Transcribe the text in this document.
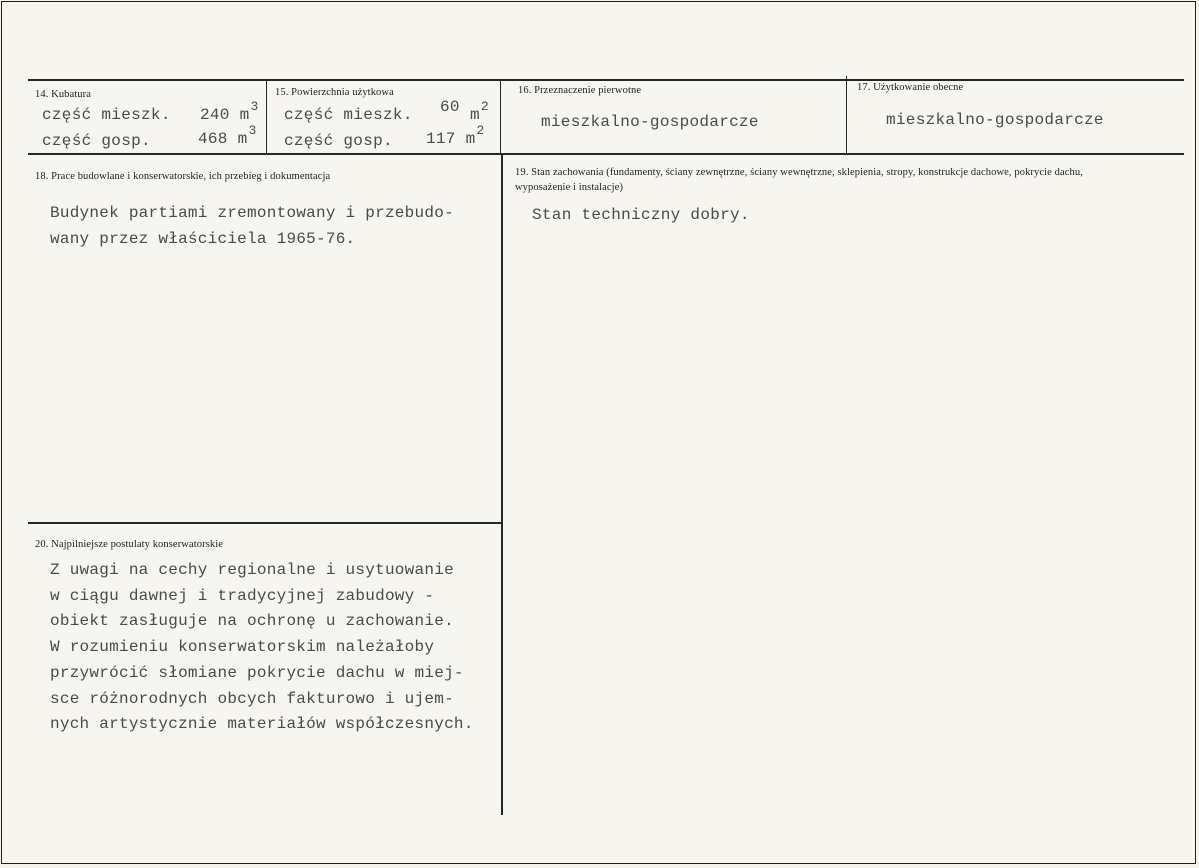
14. Kubatura
część mieszk. 240 $m^3$
część gosp.	468 $m^3$
15. Powierzchnia użytkowa
część mieszk. 60 $m^2$
część gosp. 117 $m^2$
16. Przeznaczenie pierwotne
mieszkalno-gospodarcze
17. Użytkowanie obecne
mieszkalno-gospodarcze
18. Prace budowlane i konserwatorskie, ich przebieg i dokumentacja
Budynek partiami zremontowany i przebudo-
wany przez właściciela 1965-76.
19. Stan zachowania (fundamenty, ściany zewnętrzne, ściany wewnętrzne, sklepienia, stropy, konstrukcje dachowe, pokrycie dachu, wyposażenie i instalacje)
Stan techniczny dobry.
20. Najpilniejsze postulaty konserwatorskie
Z uwagi na cechy regionalne i usytuowanie
w ciągu dawnej i tradycyjnej zabudowy -
obiekt zasługuje na ochronę u zachowanie.
W rozumieniu konserwatorskim należałoby
przywrócić słomiane pokrycie dachu w miej-
sce różnorodnych obcych fakturowo i ujem-
nych artystycznie materiałów współczesnych.
